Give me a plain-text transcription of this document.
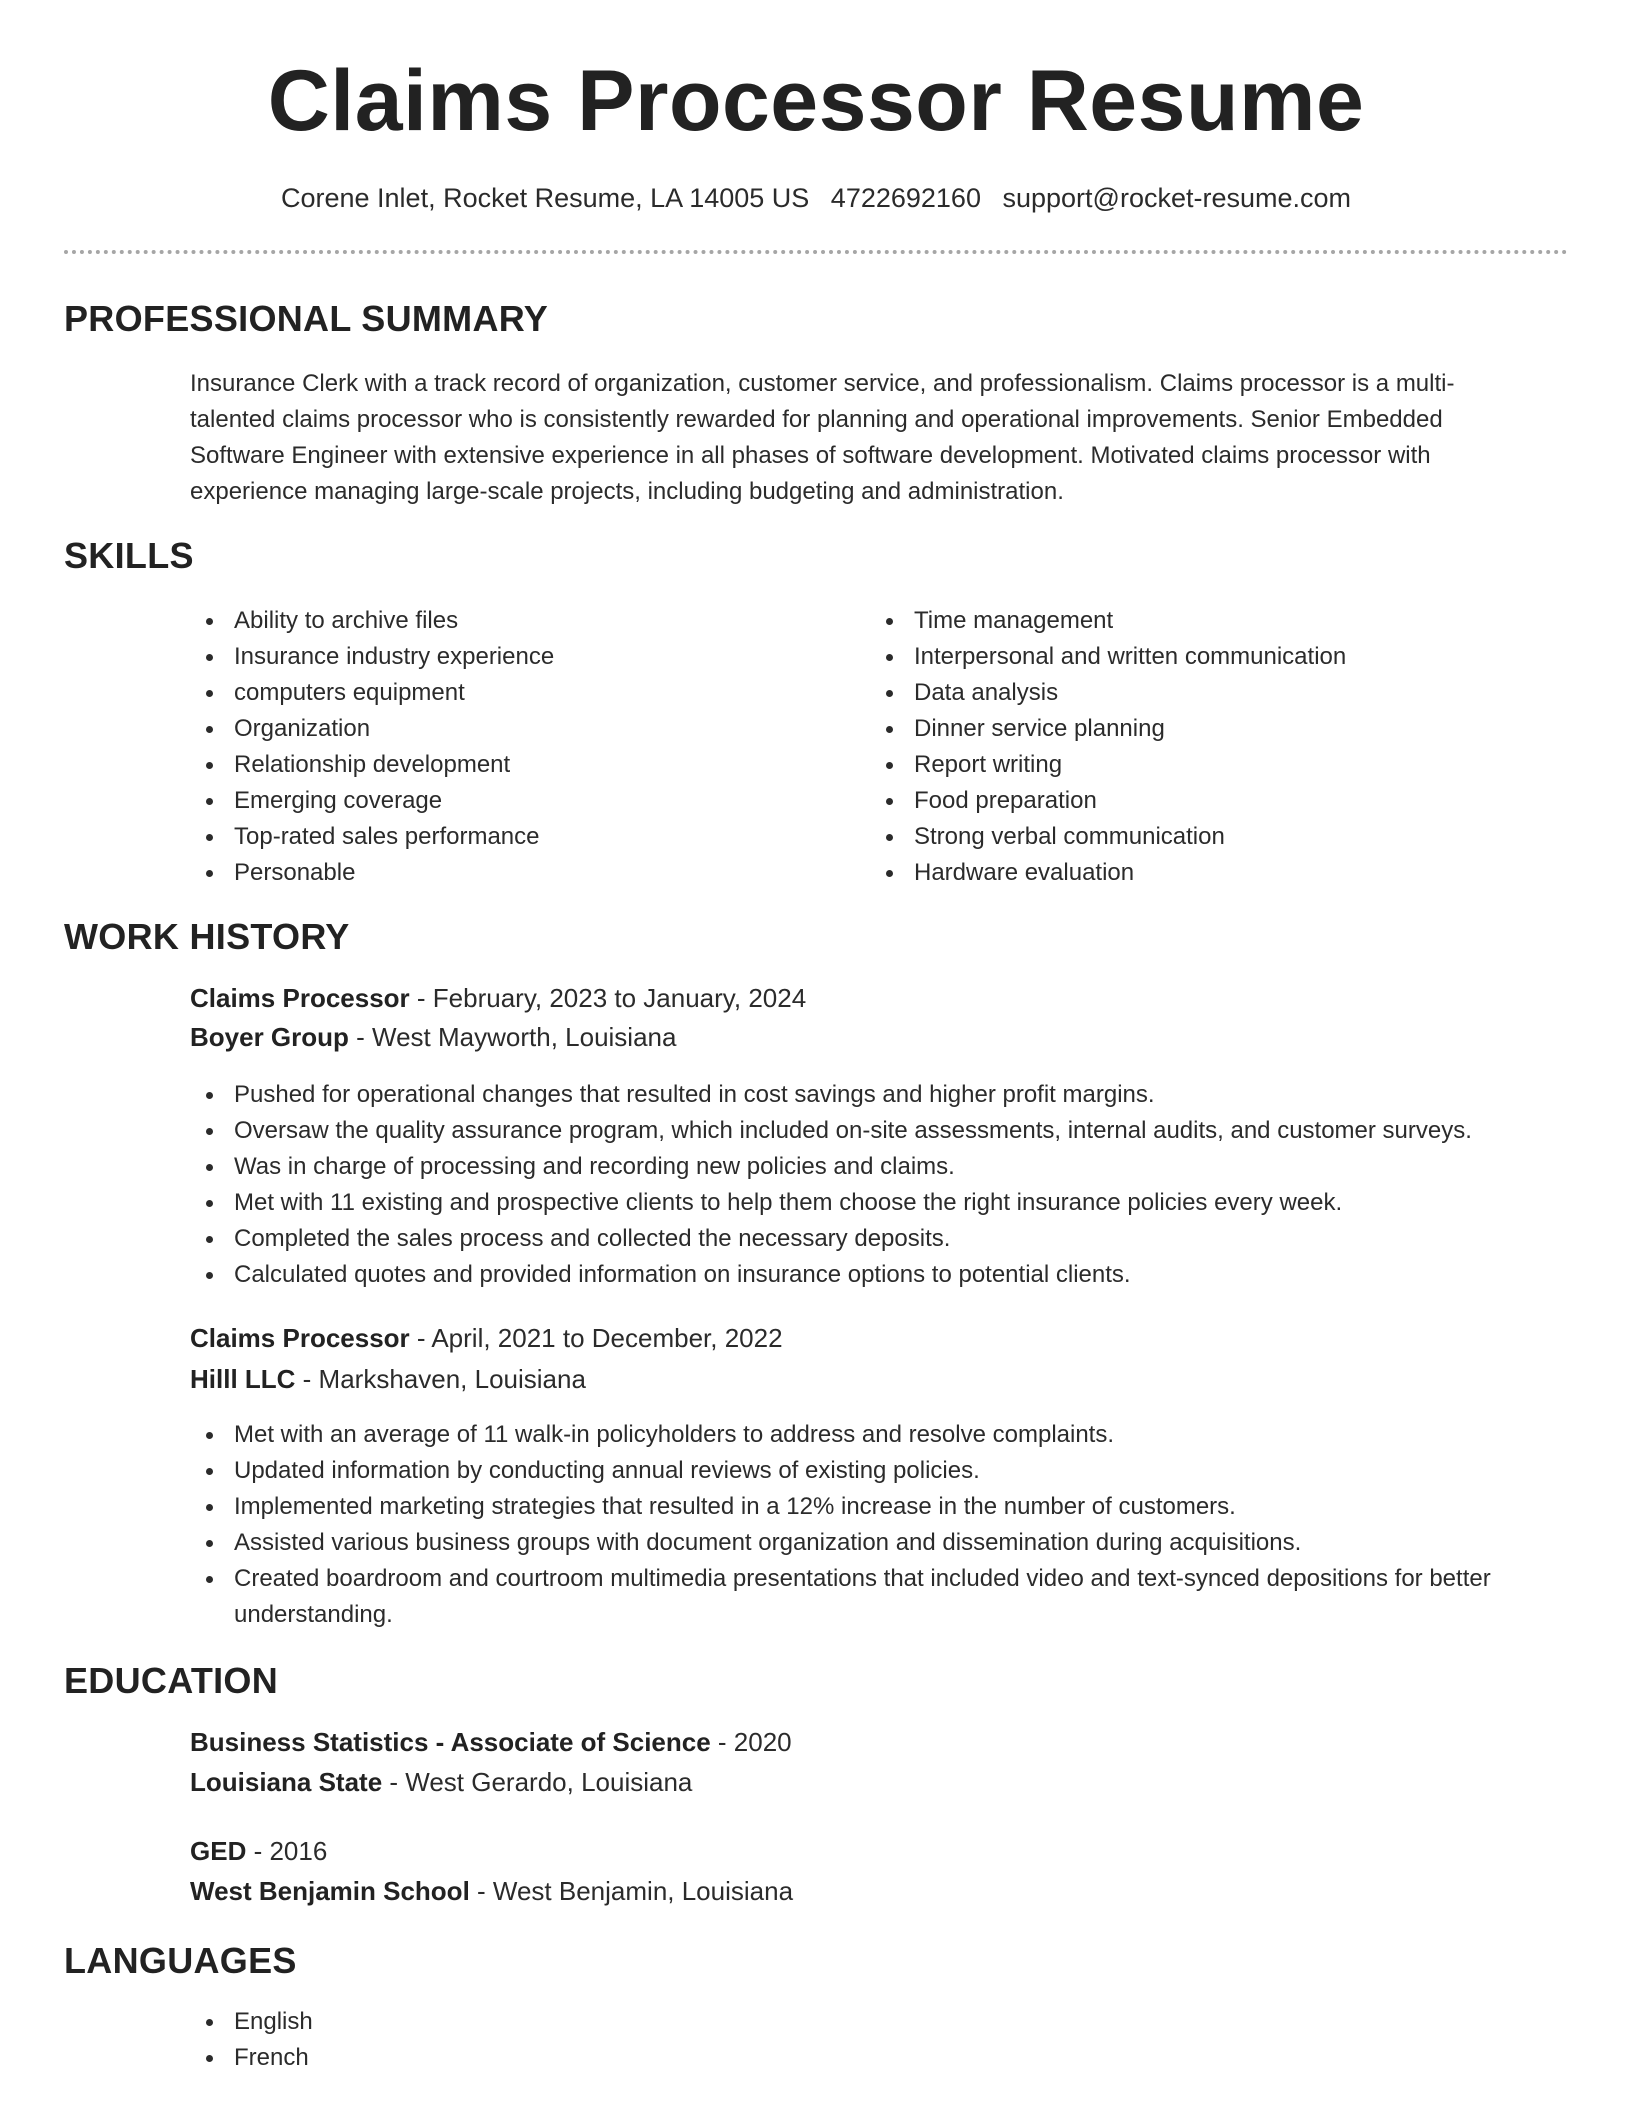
Claims Processor Resume
Corene Inlet, Rocket Resume, LA 14005 US 4722692160 support@rocket-resume.com
PROFESSIONAL SUMMARY

Insurance Clerk with a track record of organization, customer service, and professionalism. Claims processor is a multi-talented claims processor who is consistently rewarded for planning and operational improvements. Senior Embedded Software Engineer with extensive experience in all phases of software development. Motivated claims processor with experience managing large-scale projects, including budgeting and administration.

SKILLS
Ability to archive files
Insurance industry experience
computers equipment
Organization
Relationship development
Emerging coverage
Top-rated sales performance
Personable
Time management
Interpersonal and written communication
Data analysis
Dinner service planning
Report writing
Food preparation
Strong verbal communication
Hardware evaluation
WORK HISTORY
Claims Processor - February, 2023 to January, 2024
Boyer Group - West Mayworth, Louisiana
Pushed for operational changes that resulted in cost savings and higher profit margins.
Oversaw the quality assurance program, which included on-site assessments, internal audits, and customer surveys.
Was in charge of processing and recording new policies and claims.
Met with 11 existing and prospective clients to help them choose the right insurance policies every week.
Completed the sales process and collected the necessary deposits.
Calculated quotes and provided information on insurance options to potential clients.
Claims Processor - April, 2021 to December, 2022
Hilll LLC - Markshaven, Louisiana
Met with an average of 11 walk-in policyholders to address and resolve complaints.
Updated information by conducting annual reviews of existing policies.
Implemented marketing strategies that resulted in a 12% increase in the number of customers.
Assisted various business groups with document organization and dissemination during acquisitions.
Created boardroom and courtroom multimedia presentations that included video and text-synced depositions for better understanding.
EDUCATION
Business Statistics - Associate of Science - 2020
Louisiana State - West Gerardo, Louisiana
GED - 2016
West Benjamin School - West Benjamin, Louisiana
LANGUAGES
English
French
